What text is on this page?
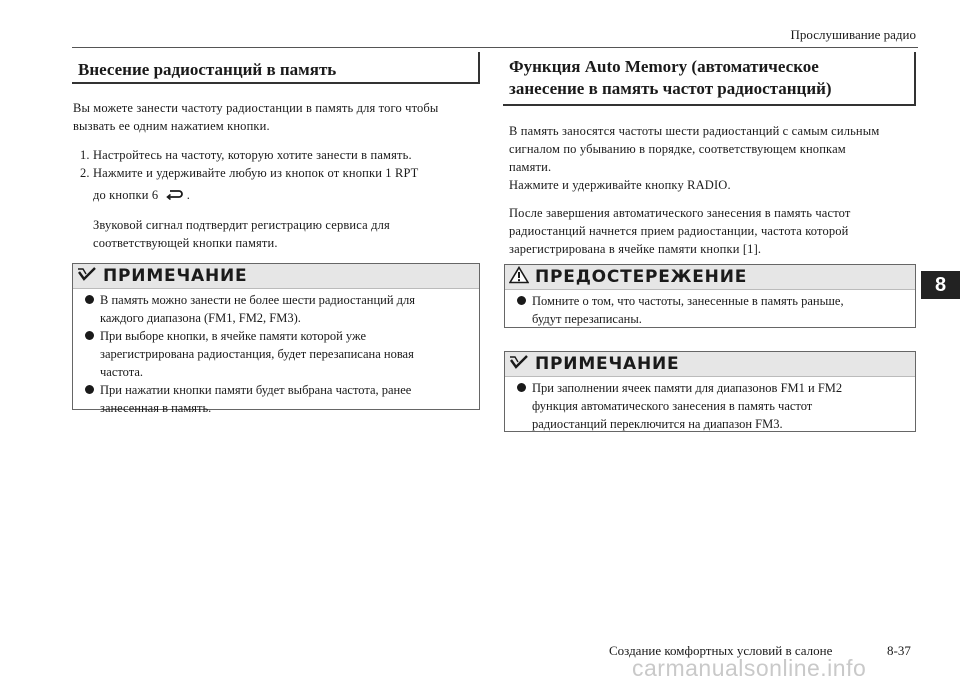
Прослушивание радио
Внесение радиостанций в память

Вы можете занести частоту радиостанции в память для того чтобы

вызвать ее одним нажатием кнопки.

1. Настройтесь на частоту, которую хотите занести в память.

2. Нажмите и удерживайте любую из кнопок от кнопки 1 RPT

до кнопки 6 .

Звуковой сигнал подтвердит регистрацию сервиса для

соответствующей кнопки памяти.

ПРИМЕЧАНИЕ
В память можно занести не более шести радиостанций для
каждого диапазона (FM1, FM2, FM3).
При выборе кнопки, в ячейке памяти которой уже
зарегистрирована радиостанция, будет перезаписана новая
частота.
При нажатии кнопки памяти будет выбрана частота, ранее
занесенная в память.
Функция Auto Memory (автоматическое
занесение в память частот радиостанций)

В память заносятся частоты шести радиостанций с самым сильным

сигналом по убыванию в порядке, соответствующем кнопкам

памяти.

Нажмите и удерживайте кнопку RADIO.

После завершения автоматического занесения в память частот

радиостанций начнется прием радиостанции, частота которой

зарегистрирована в ячейке памяти кнопки [1].

ПРЕДОСТЕРЕЖЕНИЕ
Помните о том, что частоты, занесенные в память раньше,
будут перезаписаны.
ПРИМЕЧАНИЕ
При заполнении ячеек памяти для диапазонов FM1 и FM2
функция автоматического занесения в память частот
радиостанций переключится на диапазон FM3.
8
Создание комфортных условий в салоне	8-37
carmanualsonline.info
